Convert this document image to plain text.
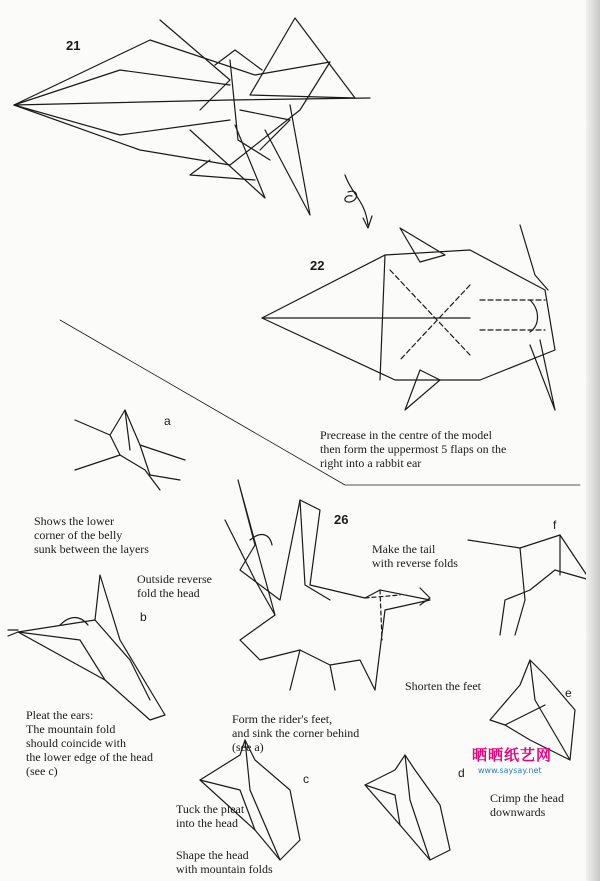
21
22
26
a
b
c	d
e
f
Precrease in the centre of the model
then form the uppermost 5 flaps on the
right into a rabbit ear
Shows the lower
corner of the belly
sunk between the layers
Outside reverse
fold the head
Make the tail
with reverse folds
Shorten the feet
Pleat the ears:
The mountain fold
should coincide with
the lower edge of the head
(see c)
Form the rider's feet,
and sink the corner behind
(see a)
Tuck the pleat
into the head
Shape the head
with mountain folds
Crimp the head
downwards
晒晒纸艺网
www.saysay.net
